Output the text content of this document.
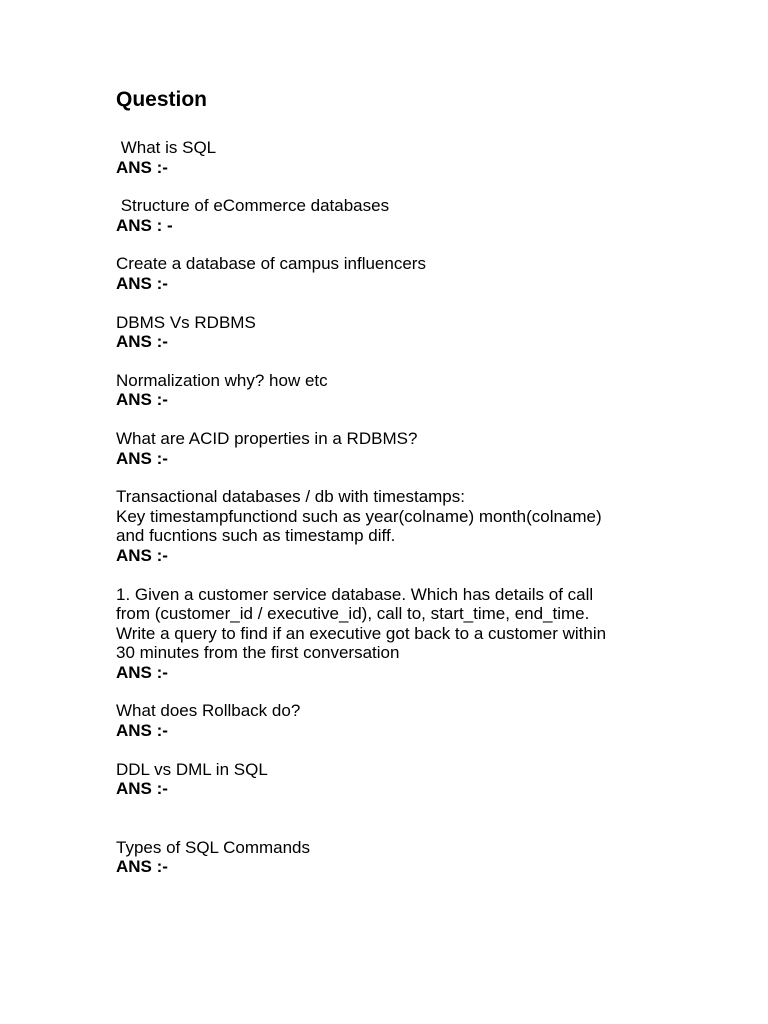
Question
What is SQL
ANS :-
Structure of eCommerce databases
ANS : -
Create a database of campus influencers
ANS :-
DBMS Vs RDBMS
ANS :-
Normalization why? how etc
ANS :-
What are ACID properties in a RDBMS?
ANS :-
Transactional databases / db with timestamps:
Key timestampfunctiond such as year(colname) month(colname)
and fucntions such as timestamp diff.
ANS :-
1. Given a customer service database. Which has details of call
from (customer_id / executive_id), call to, start_time, end_time.
Write a query to find if an executive got back to a customer within
30 minutes from the first conversation
ANS :-
What does Rollback do?
ANS :-
DDL vs DML in SQL
ANS :-
Types of SQL Commands
ANS :-
